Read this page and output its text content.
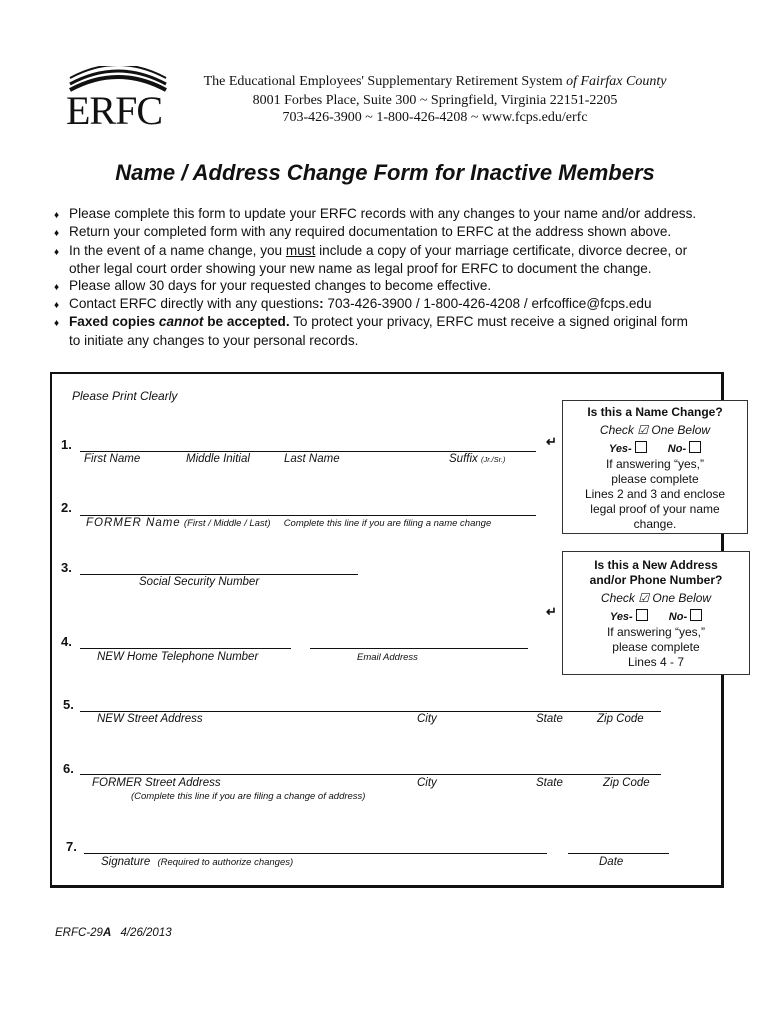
ERFC
The Educational Employees' Supplementary Retirement System of Fairfax County
8001 Forbes Place, Suite 300 ~ Springfield, Virginia 22151-2205
703-426-3900 ~ 1-800-426-4208 ~ www.fcps.edu/erfc
Name / Address Change Form for Inactive Members
♦ Please complete this form to update your ERFC records with any changes to your name and/or address.
♦ Return your completed form with any required documentation to ERFC at the address shown above.
♦ In the event of a name change, you must include a copy of your marriage certificate, divorce decree, or
other legal court order showing your new name as legal proof for ERFC to document the change.
♦ Please allow 30 days for your requested changes to become effective.
♦ Contact ERFC directly with any questions: 703-426-3900 / 1-800-426-4208 / erfcoffice@fcps.edu
♦ Faxed copies cannot be accepted. To protect your privacy, ERFC must receive a signed original form
to initiate any changes to your personal records.
Please Print Clearly
1.	↵
First Name	Middle Initial	Last Name	Suffix (Jr./Sr.)
2.
FORMER Name (First / Middle / Last) Complete this line if you are filing a name change
3.
Social Security Number
↵
4.
NEW Home Telephone Number	Email Address
5.
NEW Street Address	City	State	Zip Code
6.
FORMER Street Address	City	State	Zip Code
(Complete this line if you are filing a change of address)
7.
Signature (Required to authorize changes)	Date
Is this a Name Change?
Check ☑ One Below
Yes-	No-
If answering “yes,”
please complete
Lines 2 and 3 and enclose
legal proof of your name
change.
Is this a New Address
and/or Phone Number?
Check ☑ One Below
Yes-	No-
If answering “yes,”
please complete
Lines 4 - 7
ERFC-29A 4/26/2013
